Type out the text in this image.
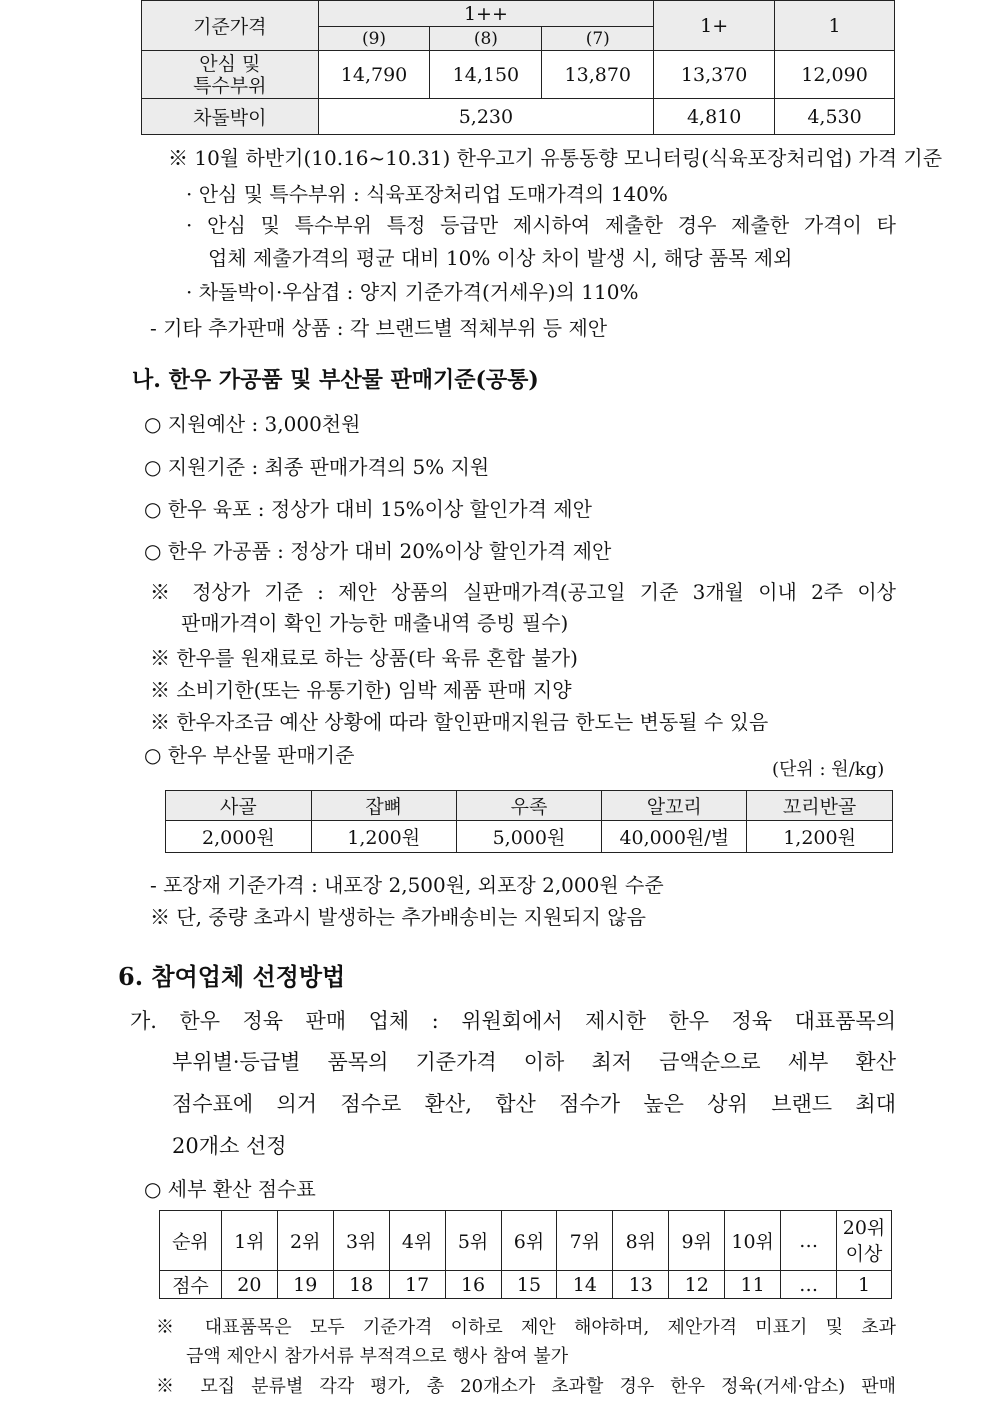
기준가격	1++			1+	1
	(9)	(8)	(7)		
안심 및
특수부위	14,790	14,150	13,870	13,370	12,090
차돌박이	5,230			4,810	4,530
※ 10월 하반기(10.16~10.31) 한우고기 유통동향 모니터링(식육포장처리업) 가격 기준
· 안심 및 특수부위 : 식육포장처리업 도매가격의 140%
· 안심 및 특수부위 특정 등급만 제시하여 제출한 경우 제출한 가격이 타
업체 제출가격의 평균 대비 10% 이상 차이 발생 시, 해당 품목 제외
· 차돌박이·우삼겹 : 양지 기준가격(거세우)의 110%
- 기타 추가판매 상품 : 각 브랜드별 적체부위 등 제안
나. 한우 가공품 및 부산물 판매기준(공통)
○ 지원예산 : 3,000천원
○ 지원기준 : 최종 판매가격의 5% 지원
○ 한우 육포 : 정상가 대비 15%이상 할인가격 제안
○ 한우 가공품 : 정상가 대비 20%이상 할인가격 제안
※ 정상가 기준 : 제안 상품의 실판매가격(공고일 기준 3개월 이내 2주 이상
판매가격이 확인 가능한 매출내역 증빙 필수)
※ 한우를 원재료로 하는 상품(타 육류 혼합 불가)
※ 소비기한(또는 유통기한) 임박 제품 판매 지양
※ 한우자조금 예산 상황에 따라 할인판매지원금 한도는 변동될 수 있음
○ 한우 부산물 판매기준
(단위 : 원/kg)
사골	잡뼈	우족	알꼬리	꼬리반골
2,000원	1,200원	5,000원	40,000원/벌	1,200원
- 포장재 기준가격 : 내포장 2,500원, 외포장 2,000원 수준
※ 단, 중량 초과시 발생하는 추가배송비는 지원되지 않음
6. 참여업체 선정방법
가. 한우 정육 판매 업체 : 위원회에서 제시한 한우 정육 대표품목의
부위별·등급별 품목의 기준가격 이하 최저 금액순으로 세부 환산
점수표에 의거 점수로 환산, 합산 점수가 높은 상위 브랜드 최대
20개소 선정
○ 세부 환산 점수표
순위	1위	2위	3위	4위	5위	6위	7위	8위	9위	10위	…	20위
이상
점수	20	19	18	17	16	15	14	13	12	11	…	1
※ 대표품목은 모두 기준가격 이하로 제안 해야하며, 제안가격 미표기 및 초과
금액 제안시 참가서류 부적격으로 행사 참여 불가
※ 모집 분류별 각각 평가, 총 20개소가 초과할 경우 한우 정육(거세·암소) 판매
